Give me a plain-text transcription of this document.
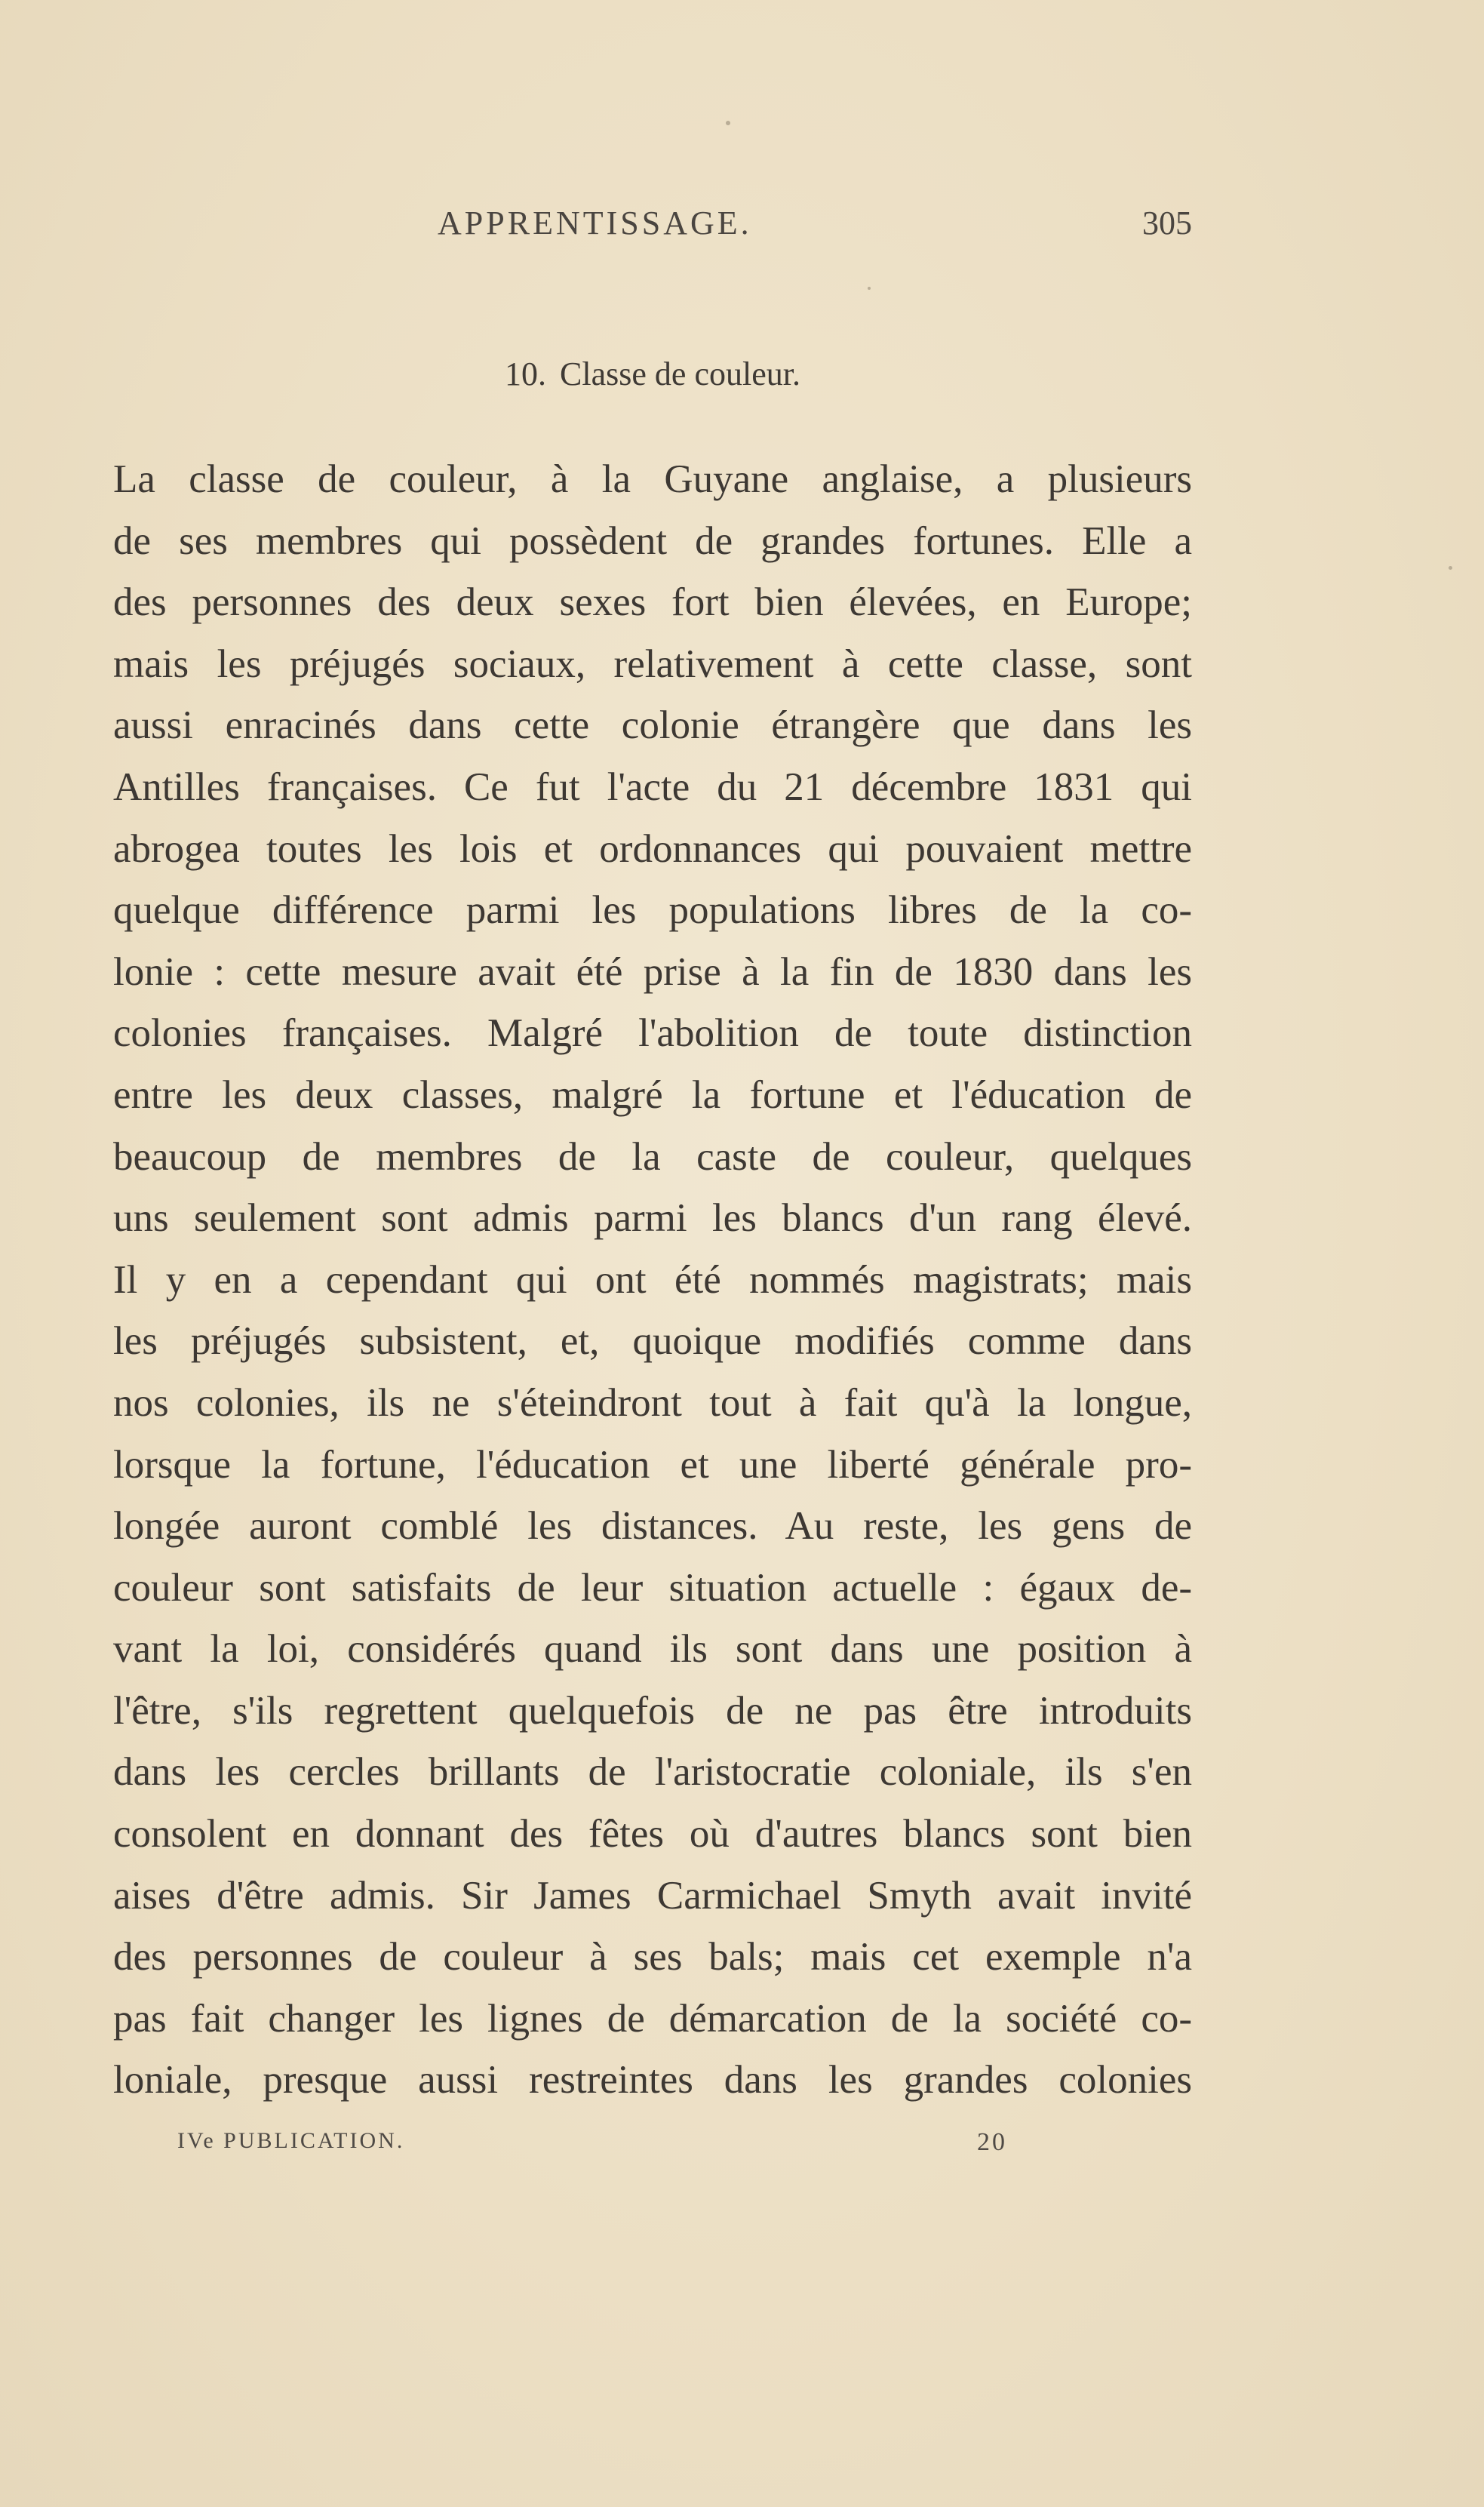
APPRENTISSAGE.	305
10. Classe de couleur.
La classe de couleur, à la Guyane anglaise, a plusieurs
de ses membres qui possèdent de grandes fortunes. Elle a
des personnes des deux sexes fort bien élevées, en Europe;
mais les préjugés sociaux, relativement à cette classe, sont
aussi enracinés dans cette colonie étrangère que dans les
Antilles françaises. Ce fut l'acte du 21 décembre 1831 qui
abrogea toutes les lois et ordonnances qui pouvaient mettre
quelque différence parmi les populations libres de la co-
lonie : cette mesure avait été prise à la fin de 1830 dans les
colonies françaises. Malgré l'abolition de toute distinction
entre les deux classes, malgré la fortune et l'éducation de
beaucoup de membres de la caste de couleur, quelques
uns seulement sont admis parmi les blancs d'un rang élevé.
Il y en a cependant qui ont été nommés magistrats; mais
les préjugés subsistent, et, quoique modifiés comme dans
nos colonies, ils ne s'éteindront tout à fait qu'à la longue,
lorsque la fortune, l'éducation et une liberté générale pro-
longée auront comblé les distances. Au reste, les gens de
couleur sont satisfaits de leur situation actuelle : égaux de-
vant la loi, considérés quand ils sont dans une position à
l'être, s'ils regrettent quelquefois de ne pas être introduits
dans les cercles brillants de l'aristocratie coloniale, ils s'en
consolent en donnant des fêtes où d'autres blancs sont bien
aises d'être admis. Sir James Carmichael Smyth avait invité
des personnes de couleur à ses bals; mais cet exemple n'a
pas fait changer les lignes de démarcation de la société co-
loniale, presque aussi restreintes dans les grandes colonies
IVe PUBLICATION.	20
